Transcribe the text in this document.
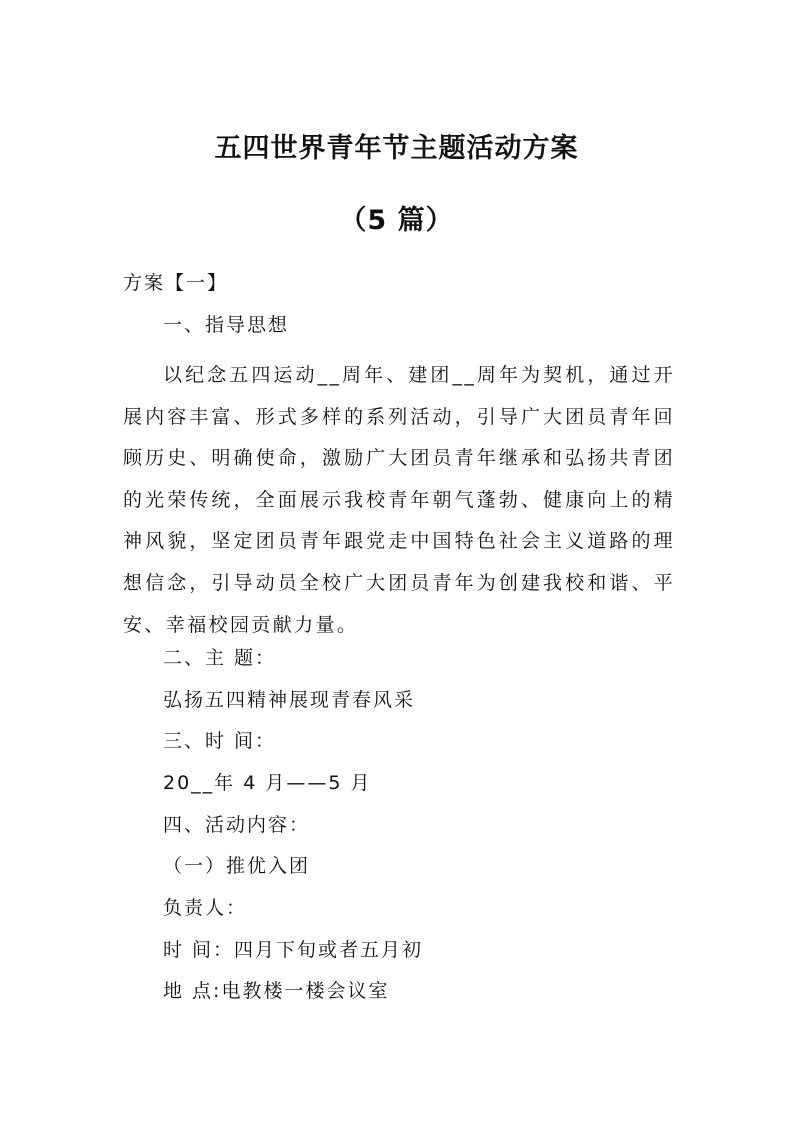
五四世界青年节主题活动方案
（5 篇）

方案【一】

一、指导思想

以纪念五四运动__周年、建团__周年为契机，通过开展内容丰富、形式多样的系列活动，引导广大团员青年回顾历史、明确使命，激励广大团员青年继承和弘扬共青团的光荣传统，全面展示我校青年朝气蓬勃、健康向上的精神风貌，坚定团员青年跟党走中国特色社会主义道路的理想信念，引导动员全校广大团员青年为创建我校和谐、平安、幸福校园贡献力量。

二、主 题：

弘扬五四精神展现青春风采

三、时 间：

20__年 4 月——5 月

四、活动内容：

（一）推优入团

负责人：

时 间：四月下旬或者五月初

地 点:电教楼一楼会议室
